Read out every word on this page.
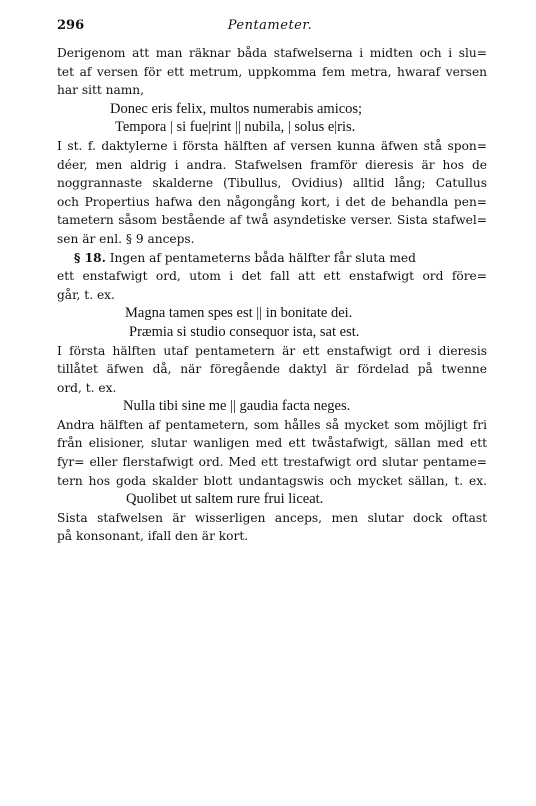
296	Pentameter.
Derigenom att man räknar båda stafwelserna i midten och i slu=
tet af versen för ett metrum, uppkomma fem metra, hwaraf versen
har sitt namn,
Donec eris felix, multos numerabis amicos;
Tempora | si fue|rint || nubila, | solus e|ris.
I st. f. daktylerne i första hälften af versen kunna äfwen stå spon=
déer, men aldrig i andra. Stafwelsen framför dieresis är hos de
noggrannaste skalderne (Tibullus, Ovidius) alltid lång; Catullus
och Propertius hafwa den någongång kort, i det de behandla pen=
tametern såsom bestående af twå asyndetiske verser. Sista stafwel=
sen är enl. § 9 anceps.
§ 18. Ingen af pentameterns båda hälfter får sluta med
ett enstafwigt ord, utom i det fall att ett enstafwigt ord före=
går, t. ex.
Magna tamen spes est || in bonitate dei.
Præmia si studio consequor ista, sat est.
I första hälften utaf pentametern är ett enstafwigt ord i dieresis
tillåtet äfwen då, när föregående daktyl är fördelad på twenne
ord, t. ex.
Nulla tibi sine me || gaudia facta neges.
Andra hälften af pentametern, som hålles så mycket som möjligt fri
från elisioner, slutar wanligen med ett twåstafwigt, sällan med ett
fyr= eller flerstafwigt ord. Med ett trestafwigt ord slutar pentame=
tern hos goda skalder blott undantagswis och mycket sällan, t. ex.
Quolibet ut saltem rure frui liceat.
Sista stafwelsen är wisserligen anceps, men slutar dock oftast
på konsonant, ifall den är kort.
